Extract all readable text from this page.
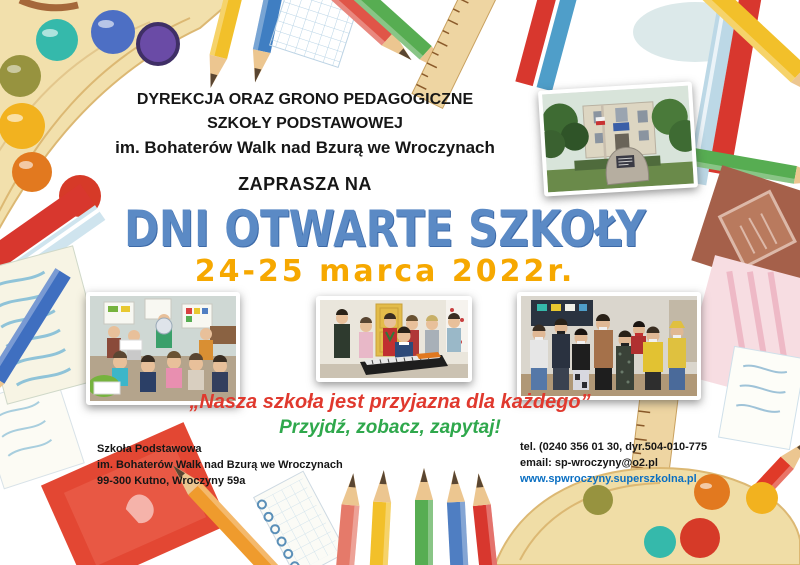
DYREKCJA ORAZ GRONO PEDAGOGICZNE
SZKOŁY PODSTAWOWEJ
im. Bohaterów Walk nad Bzurą we Wroczynach
ZAPRASZA NA
DNI OTWARTE SZKOŁY
24-25 marca 2022r.
„Nasza szkoła jest przyjazna dla każdego”
Przyjdź, zobacz, zapytaj!
Szkoła Podstawowa
im. Bohaterów Walk nad Bzurą we Wroczynach
99-300 Kutno, Wroczyny 59a
tel. (0240 356 01 30, dyr.504-010-775
email: sp-wroczyny@o2.pl
www.spwroczyny.superszkolna.pl
